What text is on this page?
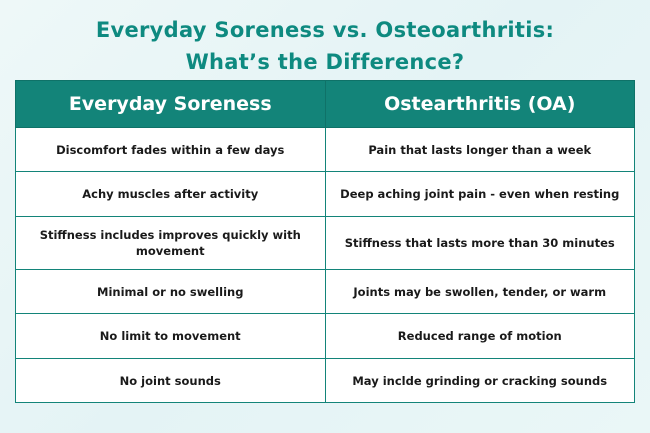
Everyday Soreness vs. Osteoarthritis:
What’s the Difference?
Everyday Soreness	Ostearthritis (OA)
Discomfort fades within a few days	Pain that lasts longer than a week
Achy muscles after activity	Deep aching joint pain - even when resting
Stiffness includes improves quickly with movement	Stiffness that lasts more than 30 minutes
Minimal or no swelling	Joints may be swollen, tender, or warm
No limit to movement	Reduced range of motion
No joint sounds	May inclde grinding or cracking sounds
